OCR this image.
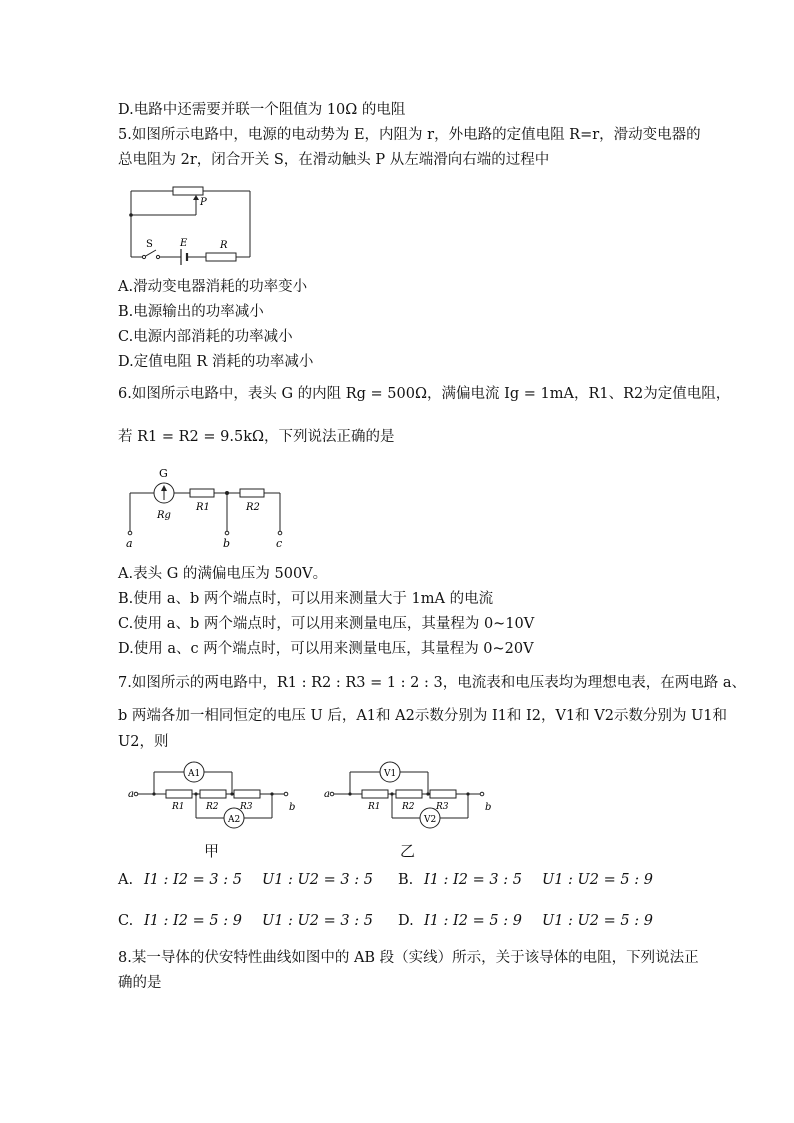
D.电路中还需要并联一个阻值为 10Ω 的电阻
5.如图所示电路中，电源的电动势为 E，内阻为 r，外电路的定值电阻 R=r，滑动变电器的
总电阻为 2r，闭合开关 S，在滑动触头 P 从左端滑向右端的过程中
P
S	E	R
A.滑动变电器消耗的功率变小
B.电源输出的功率减小
C.电源内部消耗的功率减小
D.定值电阻 R 消耗的功率减小
6.如图所示电路中，表头 G 的内阻 Rg = 500Ω，满偏电流 Ig = 1mA，R1、R2为定值电阻，
若 R1 = R2 = 9.5kΩ，下列说法正确的是
G
Rg
R1	R2
a	b	c
A.表头 G 的满偏电压为 500V。
B.使用 a、b 两个端点时，可以用来测量大于 1mA 的电流
C.使用 a、b 两个端点时，可以用来测量电压，其量程为 0~10V
D.使用 a、c 两个端点时，可以用来测量电压，其量程为 0~20V
7.如图所示的两电路中，R1 : R2 : R3 = 1 : 2 : 3，电流表和电压表均为理想电表，在两电路 a、
b 两端各加一相同恒定的电压 U 后，A1和 A2示数分别为 I1和 I2，V1和 V2示数分别为 U1和
U2，则
A1
A2
R1 R2 R3
a
b
V1
V2
R1 R2 R3
a
b
甲	乙
A. I1 : I2 = 3 : 5 U1 : U2 = 3 : 5 B. I1 : I2 = 3 : 5 U1 : U2 = 5 : 9
C. I1 : I2 = 5 : 9 U1 : U2 = 3 : 5 D. I1 : I2 = 5 : 9 U1 : U2 = 5 : 9
8.某一导体的伏安特性曲线如图中的 AB 段（实线）所示，关于该导体的电阻，下列说法正
确的是
